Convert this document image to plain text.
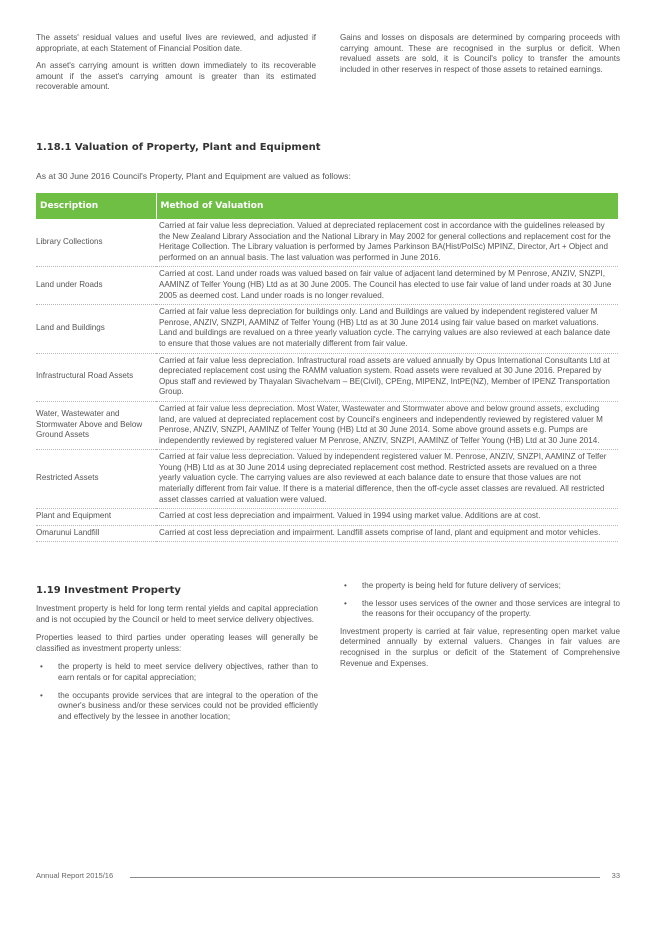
The assets' residual values and useful lives are reviewed, and adjusted if appropriate, at each Statement of Financial Position date.

An asset's carrying amount is written down immediately to its recoverable amount if the asset's carrying amount is greater than its estimated recoverable amount.

Gains and losses on disposals are determined by comparing proceeds with carrying amount. These are recognised in the surplus or deficit. When revalued assets are sold, it is Council's policy to transfer the amounts included in other reserves in respect of those assets to retained earnings.

1.18.1 Valuation of Property, Plant and Equipment
As at 30 June 2016 Council's Property, Plant and Equipment are valued as follows:
Description	Method of Valuation
Library Collections	Carried at fair value less depreciation. Valued at depreciated replacement cost in accordance with the guidelines released by the New Zealand Library Association and the National Library in May 2002 for general collections and replacement cost for the Heritage Collection. The Library valuation is performed by James Parkinson BA(Hist/PolSc) MPINZ, Director, Art + Object and performed on an annual basis. The last valuation was performed in June 2016.
Land under Roads	Carried at cost. Land under roads was valued based on fair value of adjacent land determined by M Penrose, ANZIV, SNZPI, AAMINZ of Telfer Young (HB) Ltd as at 30 June 2005. The Council has elected to use fair value of land under roads at 30 June 2005 as deemed cost. Land under roads is no longer revalued.
Land and Buildings	Carried at fair value less depreciation for buildings only. Land and Buildings are valued by independent registered valuer M Penrose, ANZIV, SNZPI, AAMINZ of Telfer Young (HB) Ltd as at 30 June 2014 using fair value based on market valuations. Land and buildings are revalued on a three yearly valuation cycle. The carrying values are also reviewed at each balance date to ensure that those values are not materially different from fair value.
Infrastructural Road Assets	Carried at fair value less depreciation. Infrastructural road assets are valued annually by Opus International Consultants Ltd at depreciated replacement cost using the RAMM valuation system. Road assets were revalued at 30 June 2016. Prepared by Opus staff and reviewed by Thayalan Sivachelvam – BE(Civil), CPEng, MIPENZ, IntPE(NZ), Member of IPENZ Transportation Group.
Water, Wastewater and Stormwater Above and Below Ground Assets	Carried at fair value less depreciation. Most Water, Wastewater and Stormwater above and below ground assets, excluding land, are valued at depreciated replacement cost by Council's engineers and independently reviewed by registered valuer M Penrose, ANZIV, SNZPI, AAMINZ of Telfer Young (HB) Ltd at 30 June 2014. Some above ground assets e.g. Pumps are independently reviewed by registered valuer M Penrose, ANZIV, SNZPI, AAMINZ of Telfer Young (HB) Ltd at 30 June 2014.
Restricted Assets	Carried at fair value less depreciation. Valued by independent registered valuer M. Penrose, ANZIV, SNZPI, AAMINZ of Telfer Young (HB) Ltd as at 30 June 2014 using depreciated replacement cost method. Restricted assets are revalued on a three yearly valuation cycle. The carrying values are also reviewed at each balance date to ensure that those values are not materially different from fair value. If there is a material difference, then the off-cycle asset classes are revalued. All restricted asset classes carried at valuation were valued.
Plant and Equipment	Carried at cost less depreciation and impairment. Valued in 1994 using market value. Additions are at cost.
Omarunui Landfill	Carried at cost less depreciation and impairment. Landfill assets comprise of land, plant and equipment and motor vehicles.
1.19 Investment Property

Investment property is held for long term rental yields and capital appreciation and is not occupied by the Council or held to meet service delivery objectives.

Properties leased to third parties under operating leases will generally be classified as investment property unless:

• the property is held to meet service delivery objectives, rather than to earn rentals or for capital appreciation;
• the occupants provide services that are integral to the operation of the owner's business and/or these services could not be provided efficiently and effectively by the lessee in another location;
• the property is being held for future delivery of services;
• the lessor uses services of the owner and those services are integral to the reasons for their occupancy of the property.

Investment property is carried at fair value, representing open market value determined annually by external valuers. Changes in fair values are recognised in the surplus or deficit of the Statement of Comprehensive Revenue and Expenses.

Annual Report 2015/16	33
